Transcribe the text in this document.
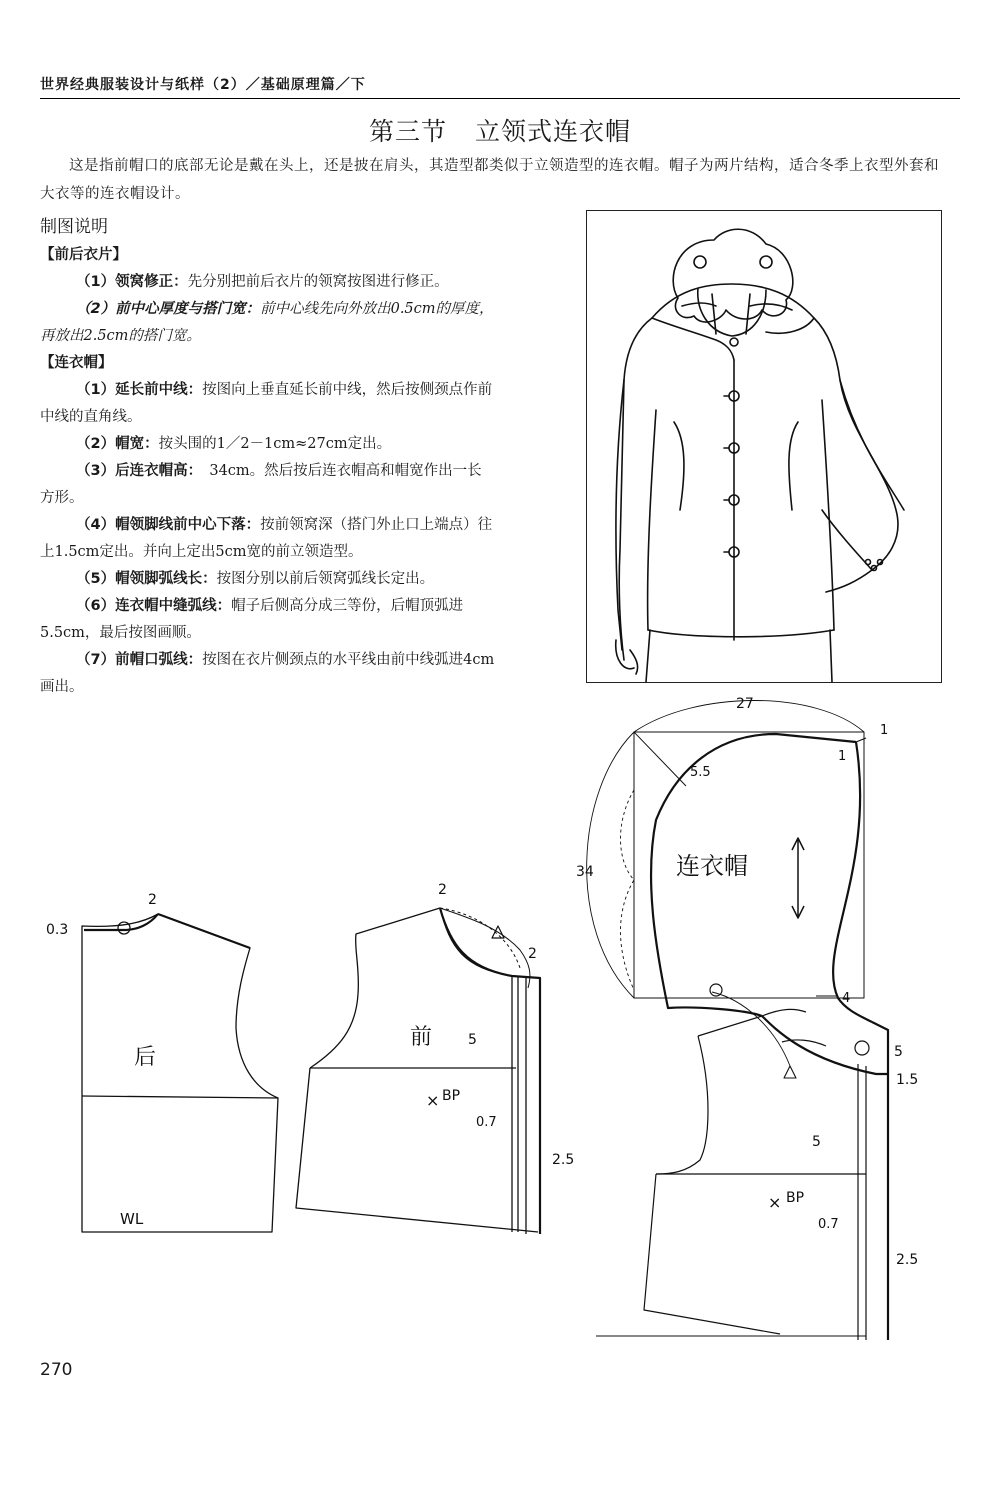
世界经典服装设计与纸样（2）／基础原理篇／下
第三节 立领式连衣帽
这是指前帽口的底部无论是戴在头上，还是披在肩头，其造型都类似于立领造型的连衣帽。帽子为两片结构，适合冬季上衣型外套和大衣等的连衣帽设计。
制图说明

【前后衣片】

（1）领窝修正：先分别把前后衣片的领窝按图进行修正。

（2）前中心厚度与搭门宽：前中心线先向外放出0.5cm的厚度，再放出2.5cm的搭门宽。

【连衣帽】

（1）延长前中线：按图向上垂直延长前中线，然后按侧颈点作前中线的直角线。

（2）帽宽：按头围的1／2－1cm≈27cm定出。

（3）后连衣帽高：　34cm。然后按后连衣帽高和帽宽作出一长方形。

（4）帽领脚线前中心下落：按前领窝深（搭门外止口上端点）往上1.5cm定出。并向上定出5cm宽的前立领造型。

（5）帽领脚弧线长：按图分别以前后领窝弧线长定出。

（6）连衣帽中缝弧线：帽子后侧高分成三等份，后帽顶弧进5.5cm，最后按图画顺。

（7）前帽口弧线：按图在衣片侧颈点的水平线由前中线弧进4cm画出。

0.3
2
后
WL
2
2
前	5
× BP
0.7
2.5
27
1
1
5.5
34	连衣帽
4
5
1.5
5
× BP
0.7
2.5
270
